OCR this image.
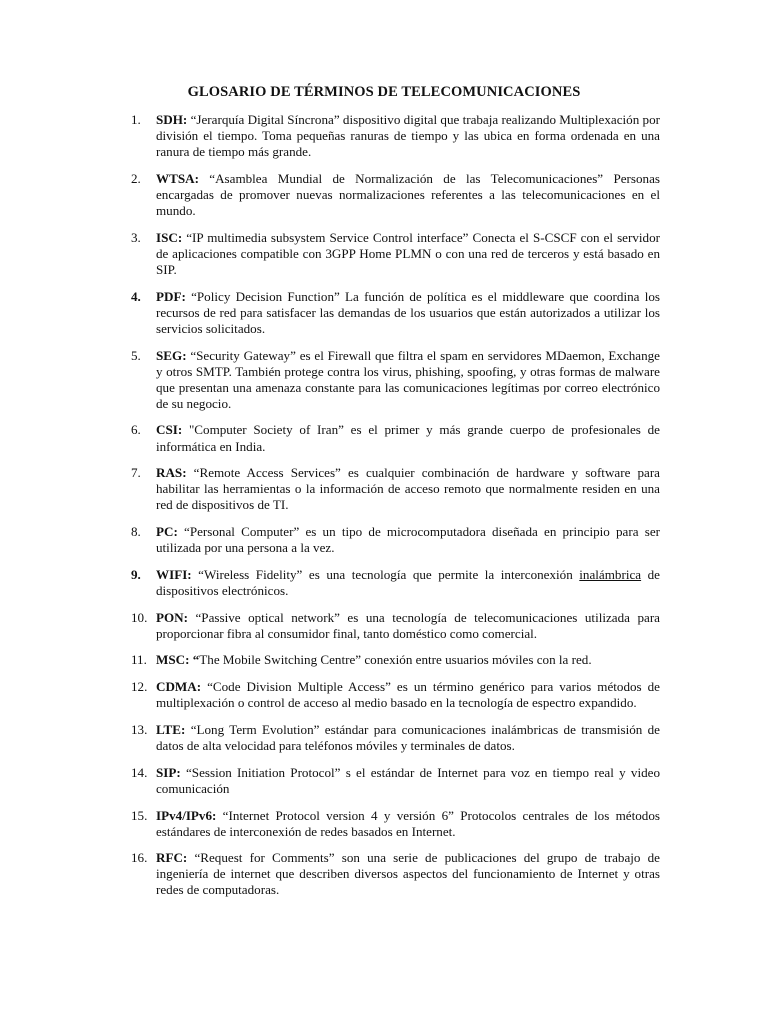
GLOSARIO DE TÉRMINOS DE TELECOMUNICACIONES
1. SDH: “Jerarquía Digital Síncrona” dispositivo digital que trabaja realizando Multiplexación por división el tiempo. Toma pequeñas ranuras de tiempo y las ubica en forma ordenada en una ranura de tiempo más grande.
2. WTSA: “Asamblea Mundial de Normalización de las Telecomunicaciones” Personas encargadas de promover nuevas normalizaciones referentes a las telecomunicaciones en el mundo.
3. ISC: “IP multimedia subsystem Service Control interface” Conecta el S-CSCF con el servidor de aplicaciones compatible con 3GPP Home PLMN o con una red de terceros y está basado en SIP.
4. PDF: “Policy Decision Function” La función de política es el middleware que coordina los recursos de red para satisfacer las demandas de los usuarios que están autorizados a utilizar los servicios solicitados.
5. SEG: “Security Gateway” es el Firewall que filtra el spam en servidores MDaemon, Exchange y otros SMTP. También protege contra los virus, phishing, spoofing, y otras formas de malware que presentan una amenaza constante para las comunicaciones legítimas por correo electrónico de su negocio.
6. CSI: "Computer Society of Iran” es el primer y más grande cuerpo de profesionales de informática en India.
7. RAS: “Remote Access Services” es cualquier combinación de hardware y software para habilitar las herramientas o la información de acceso remoto que normalmente residen en una red de dispositivos de TI.
8. PC: “Personal Computer” es un tipo de microcomputadora diseñada en principio para ser utilizada por una persona a la vez.
9. WIFI: “Wireless Fidelity” es una tecnología que permite la interconexión inalámbrica de dispositivos electrónicos.
10. PON: “Passive optical network” es una tecnología de telecomunicaciones utilizada para proporcionar fibra al consumidor final, tanto doméstico como comercial.
11. MSC: “The Mobile Switching Centre” conexión entre usuarios móviles con la red.
12. CDMA: “Code Division Multiple Access” es un término genérico para varios métodos de multiplexación o control de acceso al medio basado en la tecnología de espectro expandido.
13. LTE: “Long Term Evolution” estándar para comunicaciones inalámbricas de transmisión de datos de alta velocidad para teléfonos móviles y terminales de datos.
14. SIP: “Session Initiation Protocol” s el estándar de Internet para voz en tiempo real y video comunicación
15. IPv4/IPv6: “Internet Protocol version 4 y versión 6” Protocolos centrales de los métodos estándares de interconexión de redes basados en Internet.
16. RFC: “Request for Comments” son una serie de publicaciones del grupo de trabajo de ingeniería de internet que describen diversos aspectos del funcionamiento de Internet y otras redes de computadoras.
